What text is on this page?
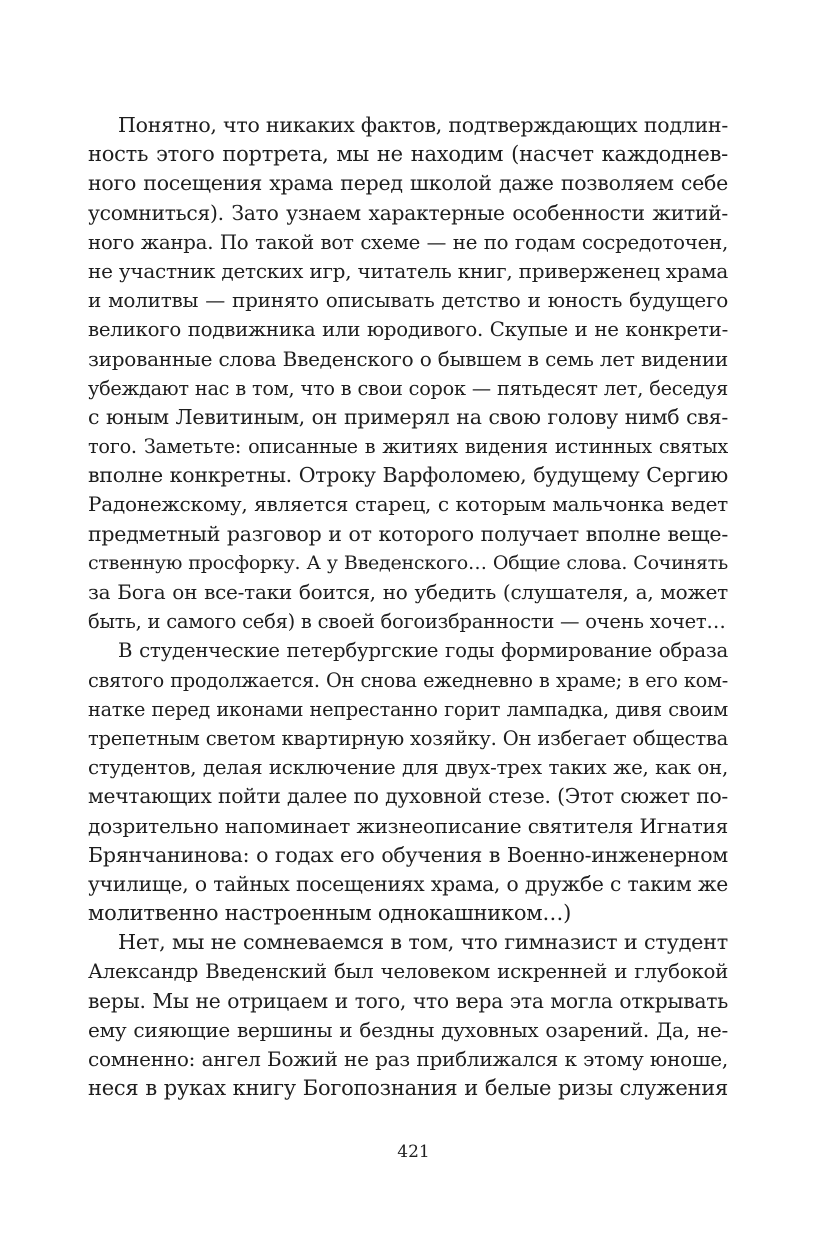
Понятно, что никаких фактов, подтверждающих подлин-
ность этого портрета, мы не находим (насчет каждоднев-
ного посещения храма перед школой даже позволяем себе
усомниться). Зато узнаем характерные особенности житий-
ного жанра. По такой вот схеме — не по годам сосредоточен,
не участник детских игр, читатель книг, приверженец храма
и молитвы — принято описывать детство и юность будущего
великого подвижника или юродивого. Скупые и не конкрети-
зированные слова Введенского о бывшем в семь лет видении
убеждают нас в том, что в свои сорок — пятьдесят лет, беседуя
с юным Левитиным, он примерял на свою голову нимб свя-
того. Заметьте: описанные в житиях видения истинных святых
вполне конкретны. Отроку Варфоломею, будущему Сергию
Радонежскому, является старец, с которым мальчонка ведет
предметный разговор и от которого получает вполне веще-
ственную просфорку. А у Введенского… Общие слова. Сочинять
за Бога он все-таки боится, но убедить (слушателя, а, может
быть, и самого себя) в своей богоизбранности — очень хочет…
В студенческие петербургские годы формирование образа
святого продолжается. Он снова ежедневно в храме; в его ком-
натке перед иконами непрестанно горит лампадка, дивя своим
трепетным светом квартирную хозяйку. Он избегает общества
студентов, делая исключение для двух-трех таких же, как он,
мечтающих пойти далее по духовной стезе. (Этот сюжет по-
дозрительно напоминает жизнеописание святителя Игнатия
Брянчанинова: о годах его обучения в Военно-инженерном
училище, о тайных посещениях храма, о дружбе с таким же
молитвенно настроенным однокашником…)
Нет, мы не сомневаемся в том, что гимназист и студент
Александр Введенский был человеком искренней и глубокой
веры. Мы не отрицаем и того, что вера эта могла открывать
ему сияющие вершины и бездны духовных озарений. Да, не-
сомненно: ангел Божий не раз приближался к этому юноше,
неся в руках книгу Богопознания и белые ризы служения
421
